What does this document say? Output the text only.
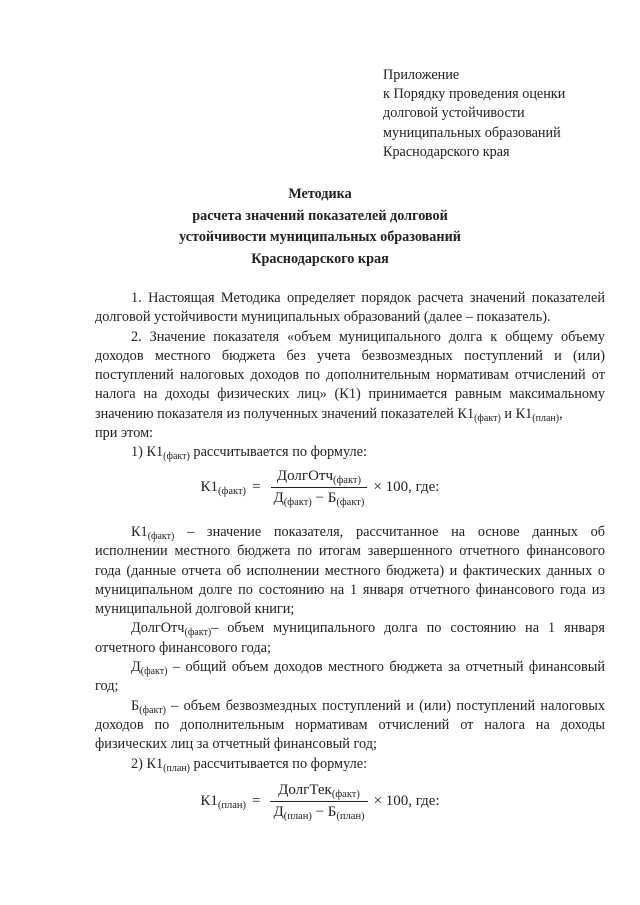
Приложение
к Порядку проведения оценки
долговой устойчивости
муниципальных образований
Краснодарского края
Методика
расчета значений показателей долговой
устойчивости муниципальных образований
Краснодарского края

1. Настоящая Методика определяет порядок расчета значений показателей долговой устойчивости муниципальных образований (далее – показатель).

2. Значение показателя «объем муниципального долга к общему объему доходов местного бюджета без учета безвозмездных поступлений и (или) поступлений налоговых доходов по дополнительным нормативам отчислений от налога на доходы физических лиц» (К1) принимается равным максимальному значению показателя из полученных значений показателей $К1_{(факт)}$ и $К1_{(план)}$,

при этом:

1) $К1_{(факт)}$ рассчитывается по формуле:

$К1_{(факт)} = \frac{ДолгОтч_{(факт)}}{Д_{(факт)} - Б_{(факт)}} \times 100$, где:

$К1_{(факт)}$ – значение показателя, рассчитанное на основе данных об исполнении местного бюджета по итогам завершенного отчетного финансового года (данные отчета об исполнении местного бюджета) и фактических данных о муниципальном долге по состоянию на 1 января отчетного финансового года из муниципальной долговой книги;

ДолгОтч$_{(факт)}$– объем муниципального долга по состоянию на 1 января отчетного финансового года;

$Д_{(факт)}$ – общий объем доходов местного бюджета за отчетный финансовый год;

$Б_{(факт)}$ – объем безвозмездных поступлений и (или) поступлений налоговых доходов по дополнительным нормативам отчислений от налога на доходы физических лиц за отчетный финансовый год;

2) $К1_{(план)}$ рассчитывается по формуле:

$К1_{(план)} = \frac{ДолгТек_{(факт)}}{Д_{(план)} - Б_{(план)}} \times 100$, где:
